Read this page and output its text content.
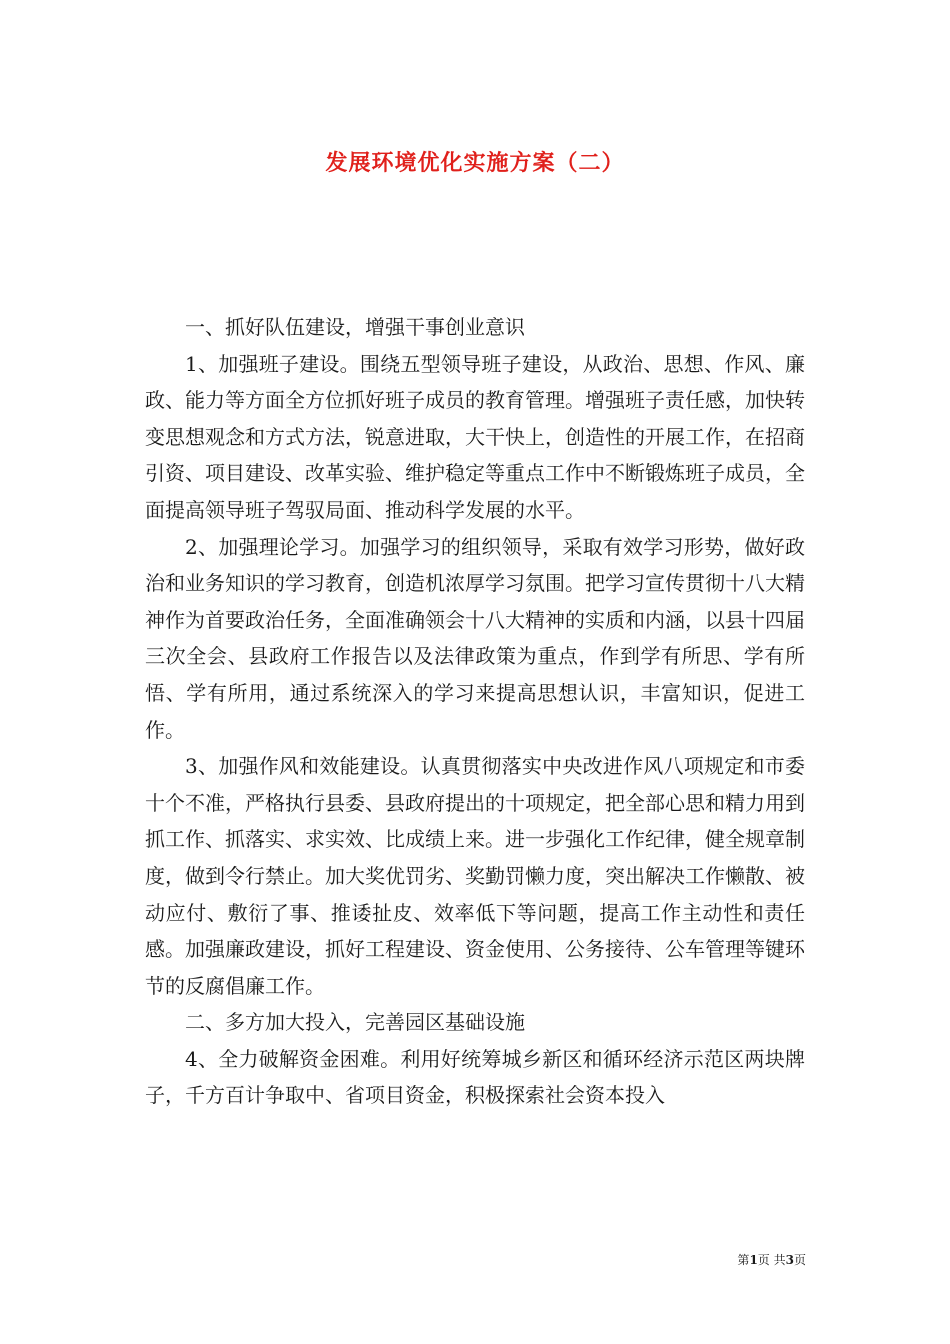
发展环境优化实施方案（二）

一、抓好队伍建设，增强干事创业意识

1、加强班子建设。围绕五型领导班子建设，从政治、思想、作风、廉政、能力等方面全方位抓好班子成员的教育管理。增强班子责任感，加快转变思想观念和方式方法，锐意进取，大干快上，创造性的开展工作，在招商引资、项目建设、改革实验、维护稳定等重点工作中不断锻炼班子成员，全面提高领导班子驾驭局面、推动科学发展的水平。

2、加强理论学习。加强学习的组织领导，采取有效学习形势，做好政治和业务知识的学习教育，创造机浓厚学习氛围。把学习宣传贯彻十八大精神作为首要政治任务，全面准确领会十八大精神的实质和内涵，以县十四届三次全会、县政府工作报告以及法律政策为重点，作到学有所思、学有所悟、学有所用，通过系统深入的学习来提高思想认识，丰富知识，促进工作。

3、加强作风和效能建设。认真贯彻落实中央改进作风八项规定和市委十个不准，严格执行县委、县政府提出的十项规定，把全部心思和精力用到抓工作、抓落实、求实效、比成绩上来。进一步强化工作纪律，健全规章制度，做到令行禁止。加大奖优罚劣、奖勤罚懒力度，突出解决工作懒散、被动应付、敷衍了事、推诿扯皮、效率低下等问题，提高工作主动性和责任感。加强廉政建设，抓好工程建设、资金使用、公务接待、公车管理等键环节的反腐倡廉工作。

二、多方加大投入，完善园区基础设施

4、全力破解资金困难。利用好统筹城乡新区和循环经济示范区两块牌子，千方百计争取中、省项目资金，积极探索社会资本投入

第1页 共3页
